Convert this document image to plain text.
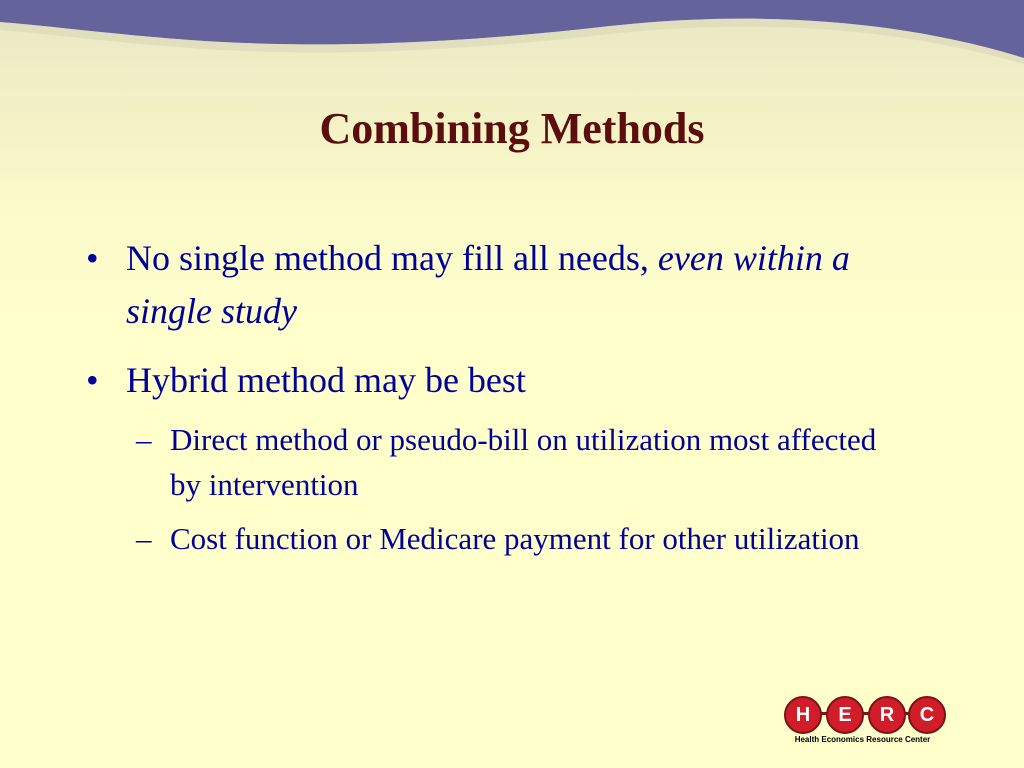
Combining Methods
• No single method may fill all needs, even within a single study
• Hybrid method may be best
– Direct method or pseudo-bill on utilization most affected by intervention
– Cost function or Medicare payment for other utilization
H	E	R	C
Health Economics Resource Center
